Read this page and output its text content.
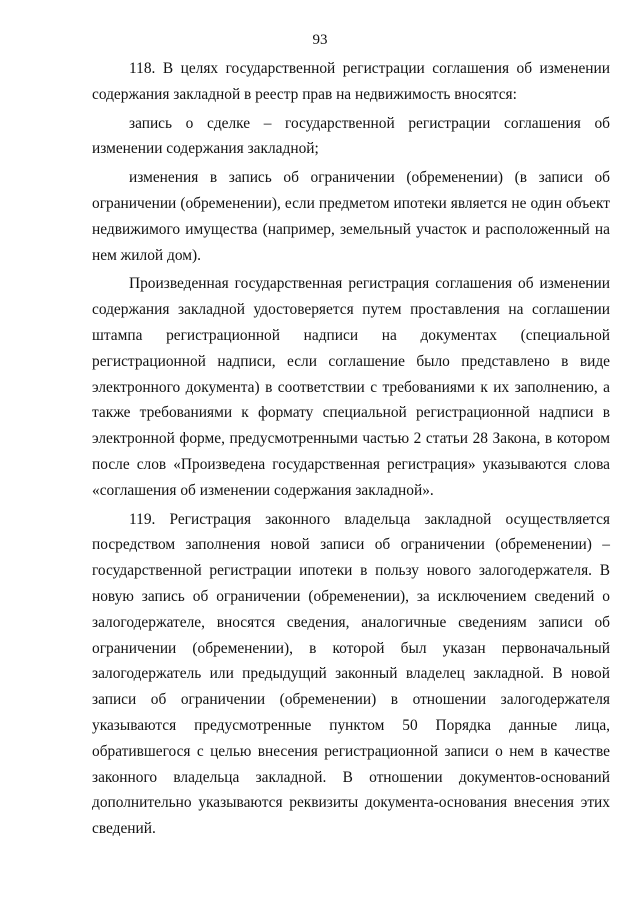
93

118. В целях государственной регистрации соглашения об изменении содержания закладной в реестр прав на недвижимость вносятся:

запись о сделке – государственной регистрации соглашения об изменении содержания закладной;

изменения в запись об ограничении (обременении) (в записи об ограничении (обременении), если предметом ипотеки является не один объект недвижимого имущества (например, земельный участок и расположенный на нем жилой дом).

Произведенная государственная регистрация соглашения об изменении содержания закладной удостоверяется путем проставления на соглашении штампа регистрационной надписи на документах (специальной регистрационной надписи, если соглашение было представлено в виде электронного документа) в соответствии с требованиями к их заполнению, а также требованиями к формату специальной регистрационной надписи в электронной форме, предусмотренными частью 2 статьи 28 Закона, в котором после слов «Произведена государственная регистрация» указываются слова «соглашения об изменении содержания закладной».

119. Регистрация законного владельца закладной осуществляется посредством заполнения новой записи об ограничении (обременении) – государственной регистрации ипотеки в пользу нового залогодержателя. В новую запись об ограничении (обременении), за исключением сведений о залогодержателе, вносятся сведения, аналогичные сведениям записи об ограничении (обременении), в которой был указан первоначальный залогодержатель или предыдущий законный владелец закладной. В новой записи об ограничении (обременении) в отношении залогодержателя указываются предусмотренные пунктом 50 Порядка данные лица, обратившегося с целью внесения регистрационной записи о нем в качестве законного владельца закладной. В отношении документов-оснований дополнительно указываются реквизиты документа-основания внесения этих сведений.
